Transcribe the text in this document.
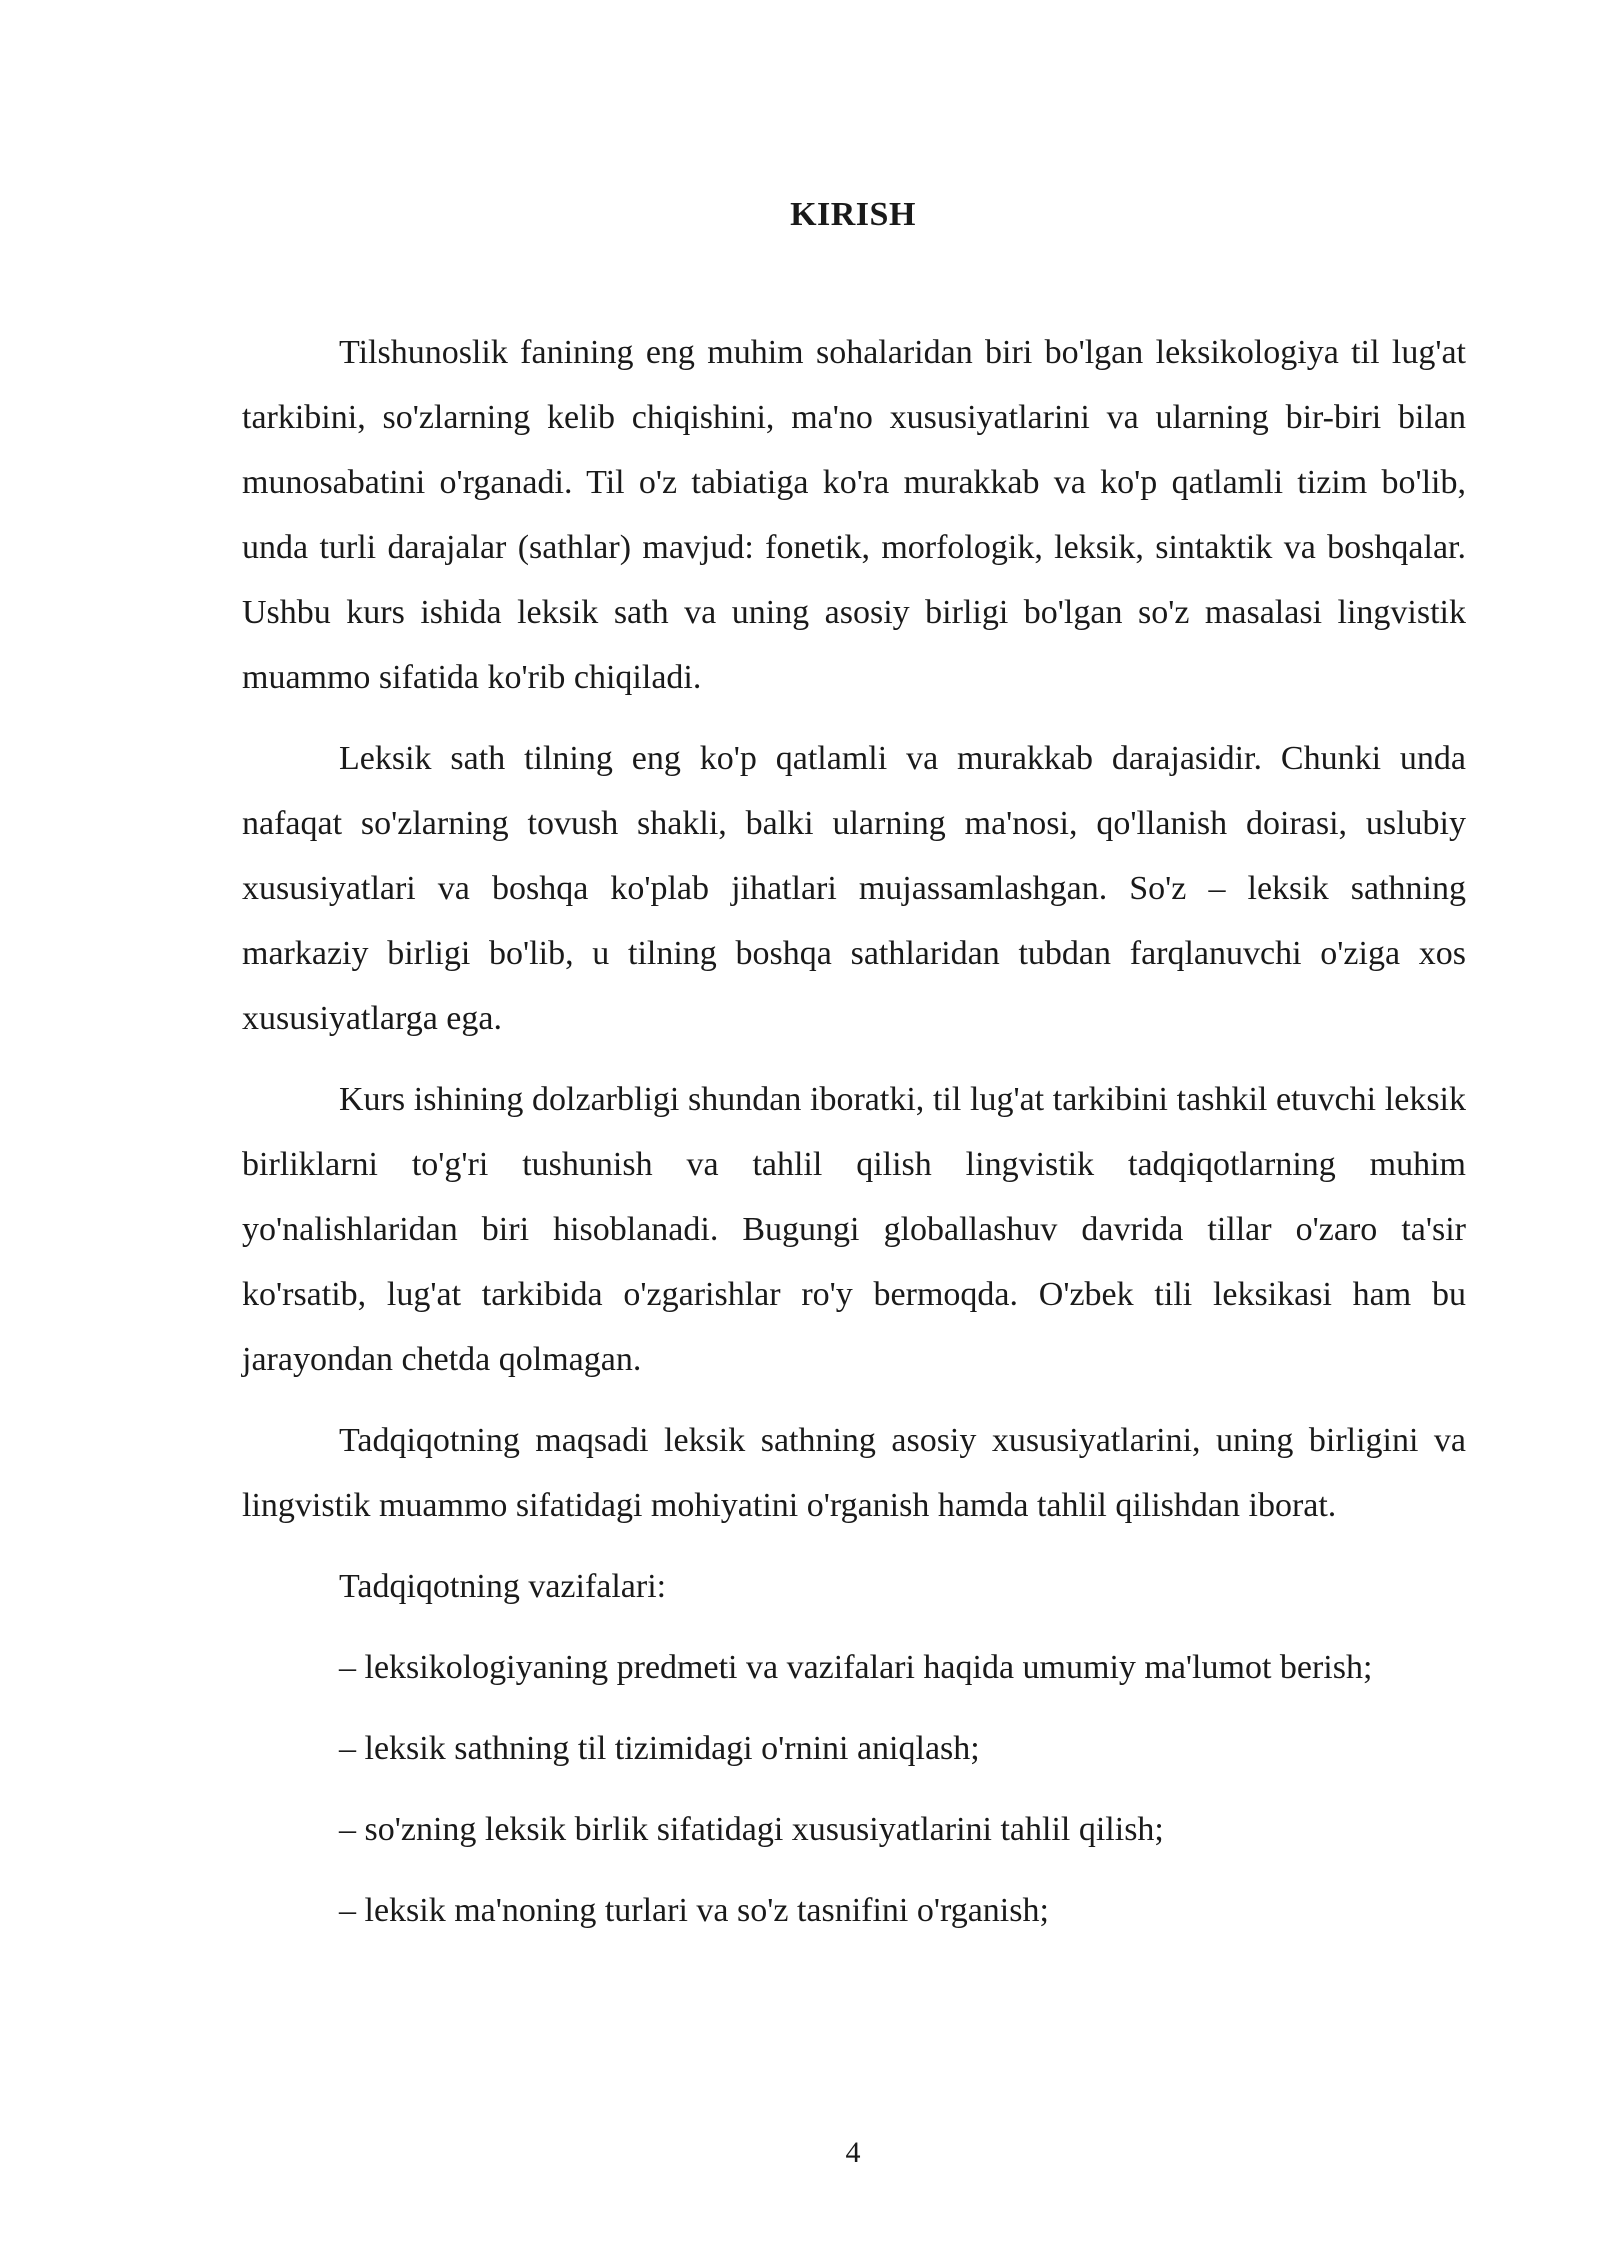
KIRISH

Tilshunoslik fanining eng muhim sohalaridan biri bo'lgan leksikologiya til lug'at tarkibini, so'zlarning kelib chiqishini, ma'no xususiyatlarini va ularning bir-biri bilan munosabatini o'rganadi. Til o'z tabiatiga ko'ra murakkab va ko'p qatlamli tizim bo'lib, unda turli darajalar (sathlar) mavjud: fonetik, morfologik, leksik, sintaktik va boshqalar. Ushbu kurs ishida leksik sath va uning asosiy birligi bo'lgan so'z masalasi lingvistik muammo sifatida ko'rib chiqiladi.

Leksik sath tilning eng ko'p qatlamli va murakkab darajasidir. Chunki unda nafaqat so'zlarning tovush shakli, balki ularning ma'nosi, qo'llanish doirasi, uslubiy xususiyatlari va boshqa ko'plab jihatlari mujassamlashgan. So'z – leksik sathning markaziy birligi bo'lib, u tilning boshqa sathlaridan tubdan farqlanuvchi o'ziga xos xususiyatlarga ega.

Kurs ishining dolzarbligi shundan iboratki, til lug'at tarkibini tashkil etuvchi leksik birliklarni to'g'ri tushunish va tahlil qilish lingvistik tadqiqotlarning muhim yo'nalishlaridan biri hisoblanadi. Bugungi globallashuv davrida tillar o'zaro ta'sir ko'rsatib, lug'at tarkibida o'zgarishlar ro'y bermoqda. O'zbek tili leksikasi ham bu jarayondan chetda qolmagan.

Tadqiqotning maqsadi leksik sathning asosiy xususiyatlarini, uning birligini va lingvistik muammo sifatidagi mohiyatini o'rganish hamda tahlil qilishdan iborat.

Tadqiqotning vazifalari:

– leksikologiyaning predmeti va vazifalari haqida umumiy ma'lumot berish;

– leksik sathning til tizimidagi o'rnini aniqlash;

– so'zning leksik birlik sifatidagi xususiyatlarini tahlil qilish;

– leksik ma'noning turlari va so'z tasnifini o'rganish;

4
